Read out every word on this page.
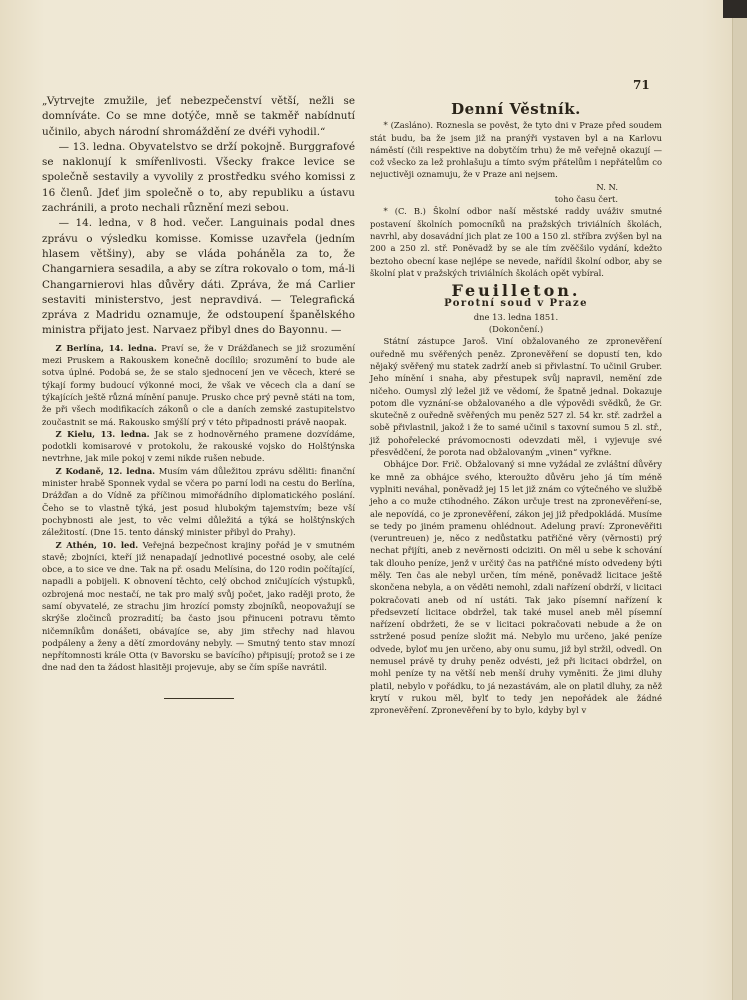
71

„Vytrvejte zmužile, jeť nebezpečenství větší, nežli se domníváte. Co se mne dotýče, mně se takměř nabídnutí učinilo, abych národní shromáždění ze dvéři vyhodil.“

— 13. ledna. Obyvatelstvo se drží pokojně. Burggrafové se naklonují k smířenlivosti. Všecky frakce levice se společně sestavily a vyvolily z prostředku svého komissi z 16 členů. Jdeť jim společně o to, aby republiku a ústavu zachránili, a proto nechali různění mezi sebou.

— 14. ledna, v 8 hod. večer. Languinais podal dnes zprávu o výsledku komisse. Komisse uzavřela (jedním hlasem většiny), aby se vláda poháněla za to, že Changarniera sesadila, a aby se zítra rokovalo o tom, má-li Changarnierovi hlas důvěry dáti. Zpráva, že má Carlier sestaviti ministerstvo, jest nepravdivá. — Telegrafická zpráva z Madridu oznamuje, že odstoupení španělského ministra přijato jest. Narvaez přibyl dnes do Bayonnu. —

Z Berlína, 14. ledna. Praví se, že v Drážďanech se již srozumění mezi Pruskem a Rakouskem konečně docílilo; srozumění to bude ale sotva úplné. Podobá se, že se stalo sjednocení jen ve věcech, které se týkají formy budoucí výkonné moci, že však ve věcech cla a daní se týkajících ještě různá mínění panuje. Prusko chce prý pevně státi na tom, že při všech modifikacích zákonů o cle a daních zemské zastupitelstvo zoučastnit se má. Rakousko smýšlí prý v této připadnosti právě naopak.

Z Kielu, 13. ledna. Jak se z hodnověrného pramene dozvídáme, podotkli komisarové v protokolu, že rakouské vojsko do Holštýnska nevtrhne, jak mile pokoj v zemi nikde rušen nebude.

Z Kodaně, 12. ledna. Musím vám důležitou zprávu sděliti: finanční minister hrabě Sponnek vydal se včera po parní lodi na cestu do Berlína, Drážďan a do Vídně za příčinou mimořádního diplomatického poslání. Čeho se to vlastně týká, jest posud hlubokým tajemstvím; beze vší pochybnosti ale jest, to věc velmi důležitá a týká se holštýnských záležitostí. (Dne 15. tento dánský minister přibyl do Prahy).

Z Athén, 10. led. Veřejná bezpečnost krajiny pořád je v smutném stavě; zbojníci, kteří již nenapadají jednotlivé pocestné osoby, ale celé obce, a to sice ve dne. Tak na př. osadu Melísina, do 120 rodin počítající, napadli a pobijeli. K obnovení těchto, celý obchod zničujících výstupků, ozbrojená moc nestačí, ne tak pro malý svůj počet, jako raději proto, že samí obyvatelé, ze strachu jim hrozící pomsty zbojníků, neopovažují se skrýše zločinců prozradití; ba často jsou přinuceni potravu těmto ničemníkům donášeti, obávajíce se, aby jim střechy nad hlavou podpáleny a ženy a dětí zmordovány nebyly. — Smutný tento stav mnozí nepřítomnosti krále Otta (v Bavorsku se bavícího) připisují; protož se i ze dne nad den ta žádost hlasitěji projevuje, aby se čím spíše navrátil.

Denní Věstník.

* (Zasláno). Roznesla se pověst, že tyto dni v Praze před soudem stát budu, ba že jsem již na pranýři vystaven byl a na Karlovu náměstí (čili respektive na dobytčím trhu) že mě veřejně okazují — což všecko za lež prohlašuju a tímto svým přátelům i nepřátelům co nejuctivěji oznamuju, že v Praze ani nejsem.

N. N.

toho času čert.

* (C. B.) Školní odbor naší městské raddy uváživ smutné postavení školních pomocníků na pražských triviálních školách, navrhl, aby dosavádní jich plat ze 100 a 150 zl. stříbra zvýšen byl na 200 a 250 zl. stř. Poněvadž by se ale tím zvěčšilo vydání, kdežto beztoho obecní kase nejlépe se nevede, nařídil školní odbor, aby se školní plat v pražských triviálních školách opět vybíral.

Feuilleton.
Porotní soud v Praze
dne 13. ledna 1851.
(Dokončení.)

Státní zástupce Jaroš. Viní obžalovaného ze zpronevěření ouředně mu svěřených peněz. Zpronevěření se dopustí ten, kdo nějaký svěřený mu statek zadrží aneb si přivlastní. To učinil Gruber. Jeho mínění i snaha, aby přestupek svůj napravil, nemění zde ničeho. Oumysl zlý ležel již ve vědomí, že špatně jednal. Dokazuje potom dle vyznání-se obžalovaného a dle výpovědi svědků, že Gr. skutečně z ouředně svěřených mu peněz 527 zl. 54 kr. stř. zadržel a sobě přivlastnil, jakož i že to samé učinil s taxovní sumou 5 zl. stř., již pohořelecké právomocnosti odevzdati měl, i vyjevuje své přesvědčení, že porota nad obžalovaným „vinen“ vyřkne.

Obhájce Dor. Frič. Obžalovaný si mne vyžádal ze zvláštní důvěry ke mně za obhájce svého, kteroužto důvěru jeho já tím méně vyplniti neváhal, poněvadž jej 15 let již znám co výtečného ve službě jeho a co muže ctihodného. Zákon určuje trest na zpronevěření-se, ale nepovídá, co je zpronevěření, zákon jej již předpokládá. Musíme se tedy po jiném pramenu ohlédnout. Adelung praví: Zpronevěřiti (veruntreuen) je, něco z nedůstatku patřičné věry (věrnosti) prý nechat přijíti, aneb z nevěrnosti odciziti. On měl u sebe k schování tak dlouho peníze, jenž v určitý čas na patřičné místo odvedeny býti měly. Ten čas ale nebyl určen, tím méně, poněvadž licitace ještě skončena nebyla, a on věděti nemohl, zdali nařízení obdrží, v licitaci pokračovati aneb od ní ustáti. Tak jako písemní nařízení k předsevzetí licitace obdržel, tak také musel aneb měl písemní nařízení obdržeti, že se v licitaci pokračovati nebude a že on sstržené posud peníze složit má. Nebylo mu určeno, jaké peníze odvede, byloť mu jen určeno, aby onu sumu, již byl stržil, odvedl. On nemusel právě ty druhy peněz odvésti, jež při licitaci obdržel, on mohl peníze ty na větší neb menší druhy vyměniti. Že jimi dluhy platil, nebylo v pořádku, to já nezastávám, ale on platil dluhy, za něž krytí v rukou měl, bylť to tedy jen nepořádek ale žádné zpronevěření. Zpronevěření by to bylo, kdyby byl v
